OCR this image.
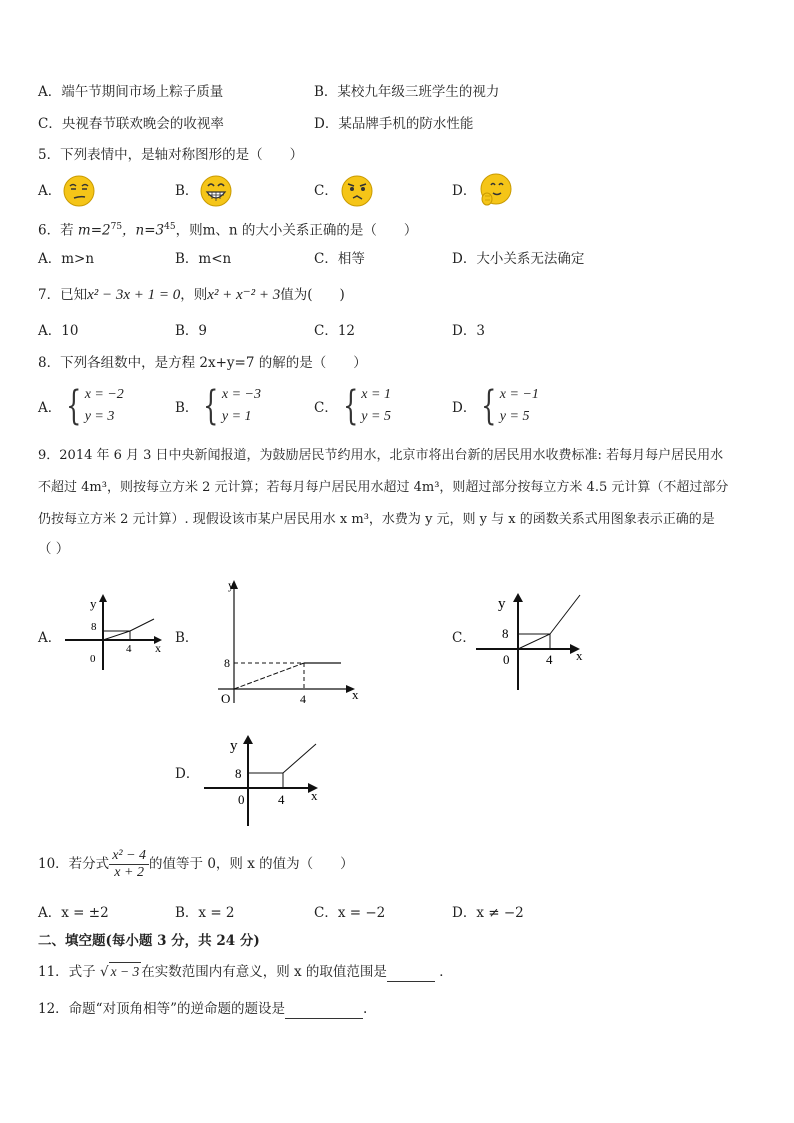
A．端午节期间市场上粽子质量	B．某校九年级三班学生的视力
C．央视春节联欢晚会的收视率	D．某品牌手机的防水性能
5．下列表情中，是轴对称图形的是（　　）
A．	B．	C．	D．
6．若 $m=2^{75}$，$n=3^{45}$，则m、n 的大小关系正确的是（　　）
A．m>n	B．m<n	C．相等	D．大小关系无法确定
7．已知x² − 3x + 1 = 0，则x² + x⁻² + 3值为(　　)
A．10	B．9	C．12	D．3
8．下列各组数中，是方程 2x+y=7 的解的是（　　）
A． { x = −2
y = 3
B． { x = −3
y = 1
C． { x = 1
y = 5
D． { x = −1
y = 5
9．2014 年 6 月 3 日中央新闻报道，为鼓励居民节约用水，北京市将出台新的居民用水收费标准: 若每月每户居民用水
不超过 4m³，则按每立方米 2 元计算；若每月每户居民用水超过 4m³，则超过部分按每立方米 4.5 元计算（不超过部分
仍按每立方米 2 元计算）. 现假设该市某户居民用水 x m³，水费为 y 元，则 y 与 x 的函数关系式用图象表示正确的是
（ ）
A．	B．	C．
D．
y
x
8
0
4
y
x
8
O	4
y
x
8
0	4
y
x
8
0	4
10．若分式 $\frac{\text{x² − 4}}{x + 2}$ 的值等于 0，则 x 的值为（　　）
A．x = ±2	B．x = 2	C．x = −2	D．x ≠ −2
二、填空题(每小题 3 分，共 24 分)
11．式子 √ x − 3 在实数范围内有意义，则 x 的取值范围是	．
12．命题“对顶角相等”的逆命题的题设是	.
